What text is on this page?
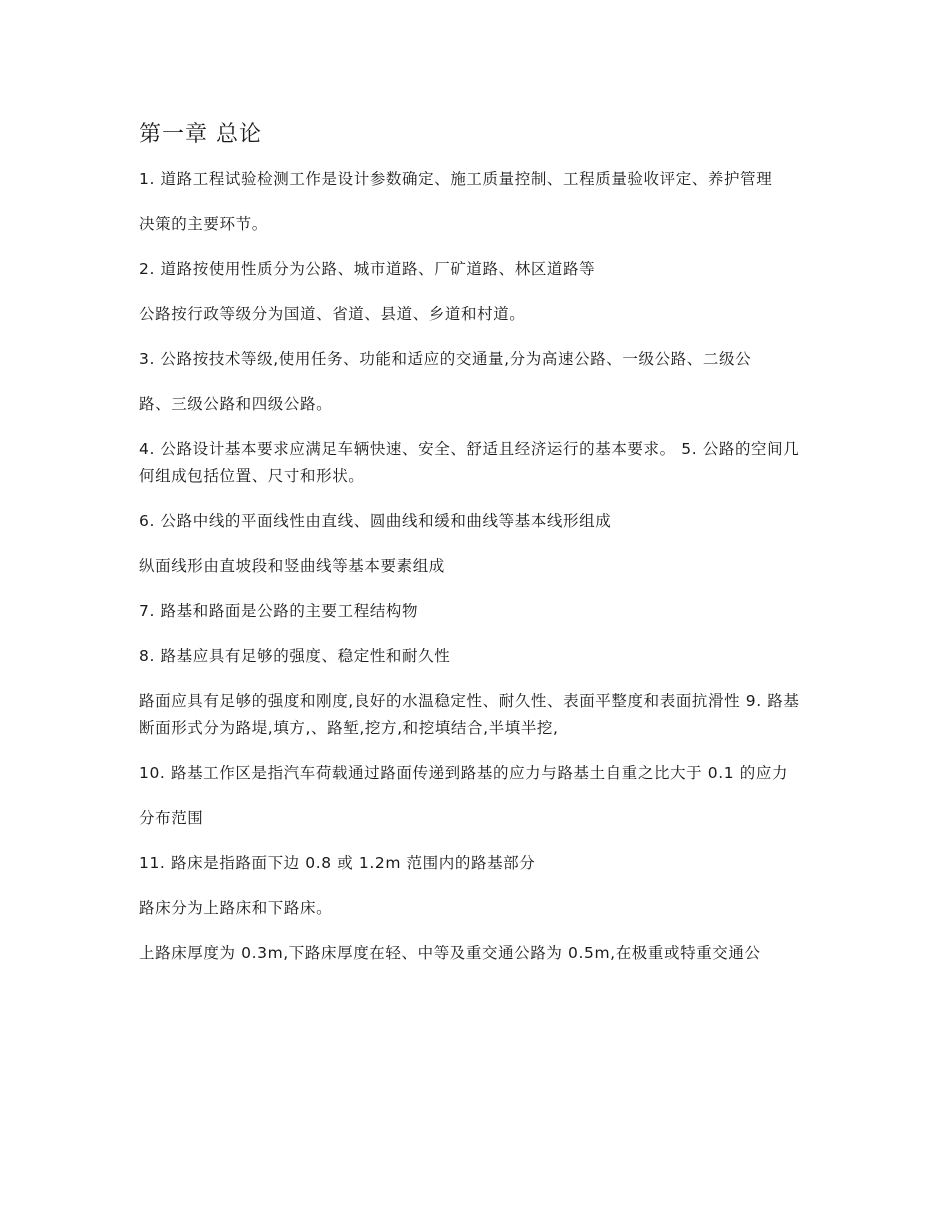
第一章 总论

1. 道路工程试验检测工作是设计参数确定、施工质量控制、工程质量验收评定、养护管理

决策的主要环节。

2. 道路按使用性质分为公路、城市道路、厂矿道路、林区道路等

公路按行政等级分为国道、省道、县道、乡道和村道。

3. 公路按技术等级,使用任务、功能和适应的交通量,分为高速公路、一级公路、二级公

路、三级公路和四级公路。

4. 公路设计基本要求应满足车辆快速、安全、舒适且经济运行的基本要求。 5. 公路的空间几何组成包括位置、尺寸和形状。

6. 公路中线的平面线性由直线、圆曲线和缓和曲线等基本线形组成

纵面线形由直坡段和竖曲线等基本要素组成

7. 路基和路面是公路的主要工程结构物

8. 路基应具有足够的强度、稳定性和耐久性

路面应具有足够的强度和刚度,良好的水温稳定性、耐久性、表面平整度和表面抗滑性 9. 路基断面形式分为路堤,填方,、路堑,挖方,和挖填结合,半填半挖,

10. 路基工作区是指汽车荷载通过路面传递到路基的应力与路基土自重之比大于 0.1 的应力

分布范围

11. 路床是指路面下边 0.8 或 1.2m 范围内的路基部分

路床分为上路床和下路床。

上路床厚度为 0.3m,下路床厚度在轻、中等及重交通公路为 0.5m,在极重或特重交通公
